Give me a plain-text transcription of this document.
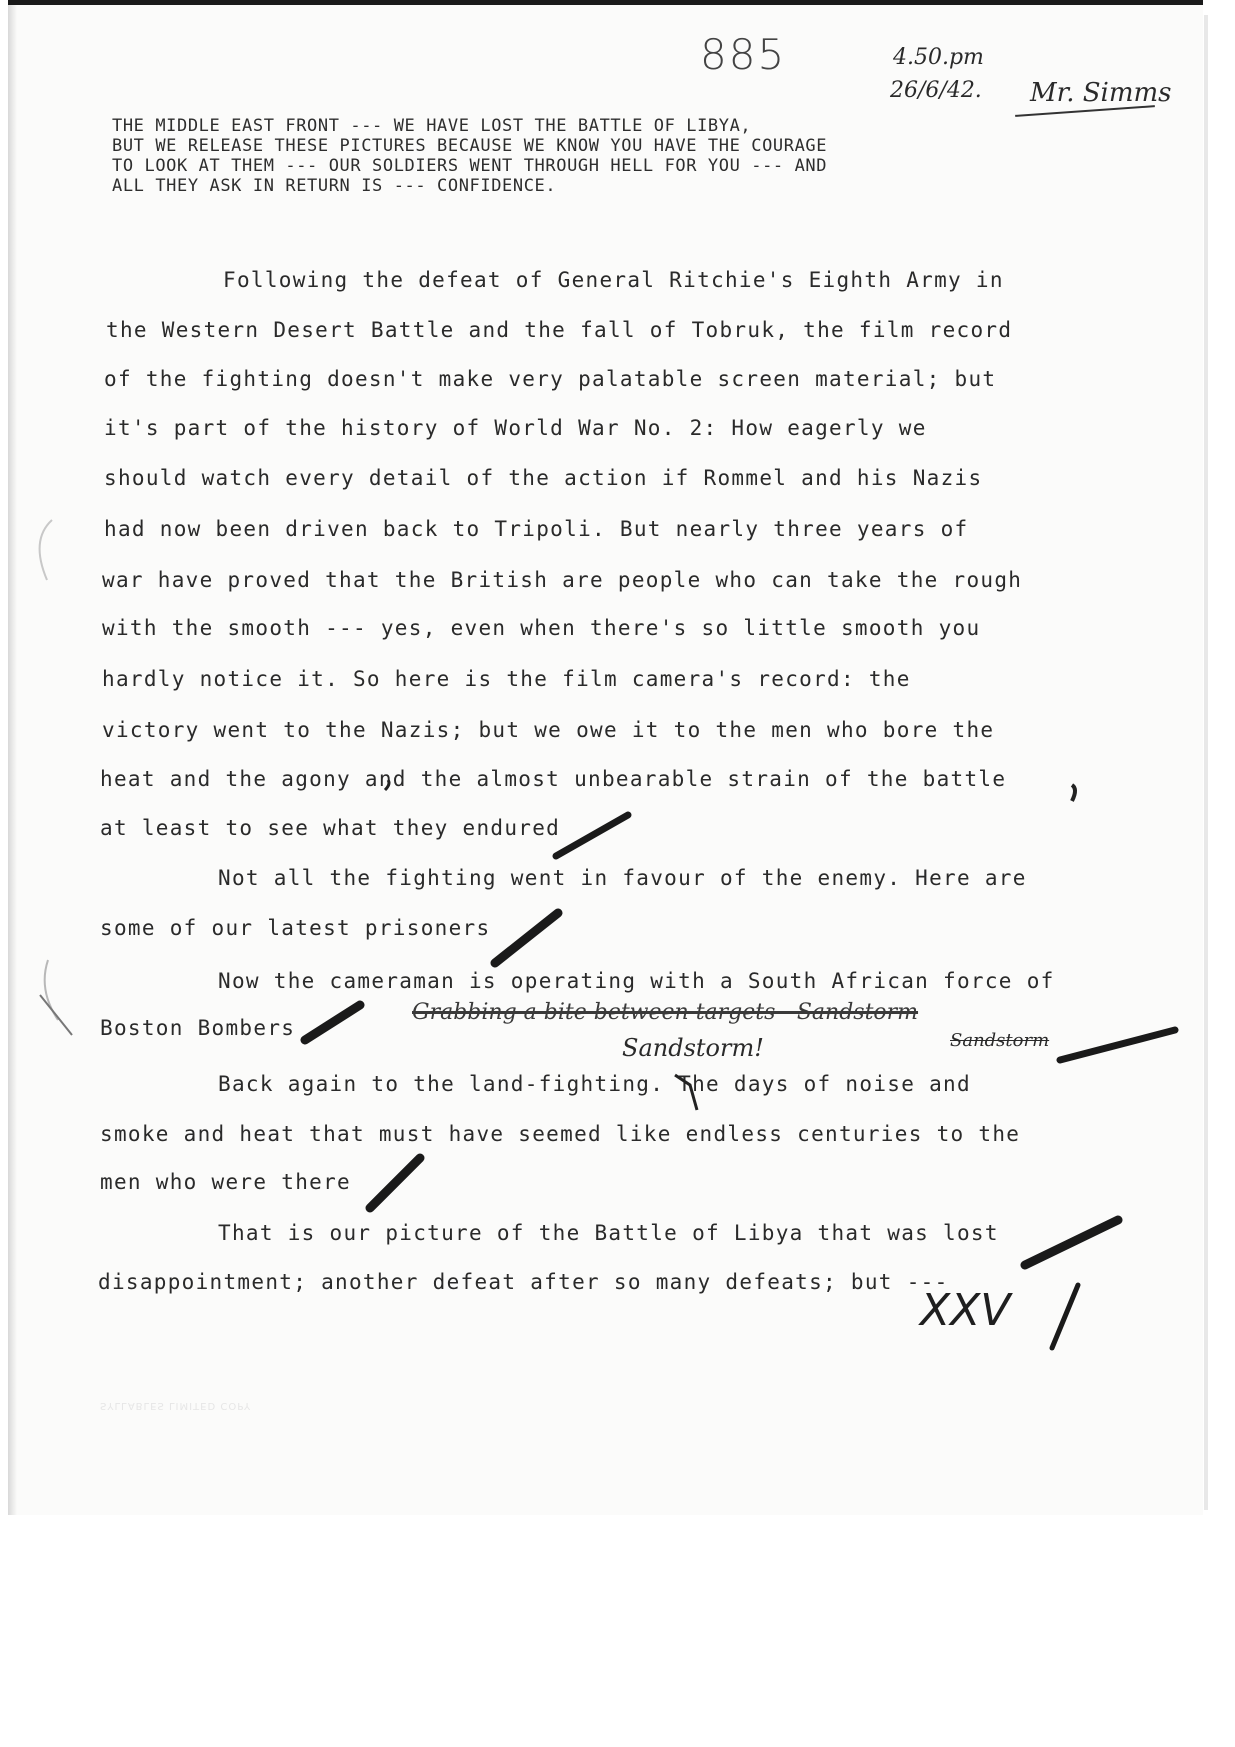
885	4.50.pm
26/6/42. Mr. Simms

THE MIDDLE EAST FRONT --- WE HAVE LOST THE BATTLE OF LIBYA,
BUT WE RELEASE THESE PICTURES BECAUSE WE KNOW YOU HAVE THE COURAGE
TO LOOK AT THEM --- OUR SOLDIERS WENT THROUGH HELL FOR YOU --- AND
ALL THEY ASK IN RETURN IS --- CONFIDENCE.

Following the defeat of General Ritchie's Eighth Army in

the Western Desert Battle and the fall of Tobruk, the film record

of the fighting doesn't make very palatable screen material; but

it's part of the history of World War No. 2: How eagerly we

should watch every detail of the action if Rommel and his Nazis

had now been driven back to Tripoli. But nearly three years of

war have proved that the British are people who can take the rough

with the smooth --- yes, even when there's so little smooth you

hardly notice it. So here is the film camera's record: the

victory went to the Nazis; but we owe it to the men who bore the

heat and the agony and the almost unbearable strain of the battle

at least to see what they endured

Not all the fighting went in favour of the enemy. Here are

some of our latest prisoners

Now the cameraman is operating with a South African force of

Boston Bombers

Back again to the land-fighting. The days of noise and

smoke and heat that must have seemed like endless centuries to the

men who were there

That is our picture of the Battle of Libya that was lost

disappointment; another defeat after so many defeats; but ---

Grabbing a bite between targets - Sandstorm
Sandstorm!	Sandstorm
XXV
SYLLABLES LIMITED COPY
